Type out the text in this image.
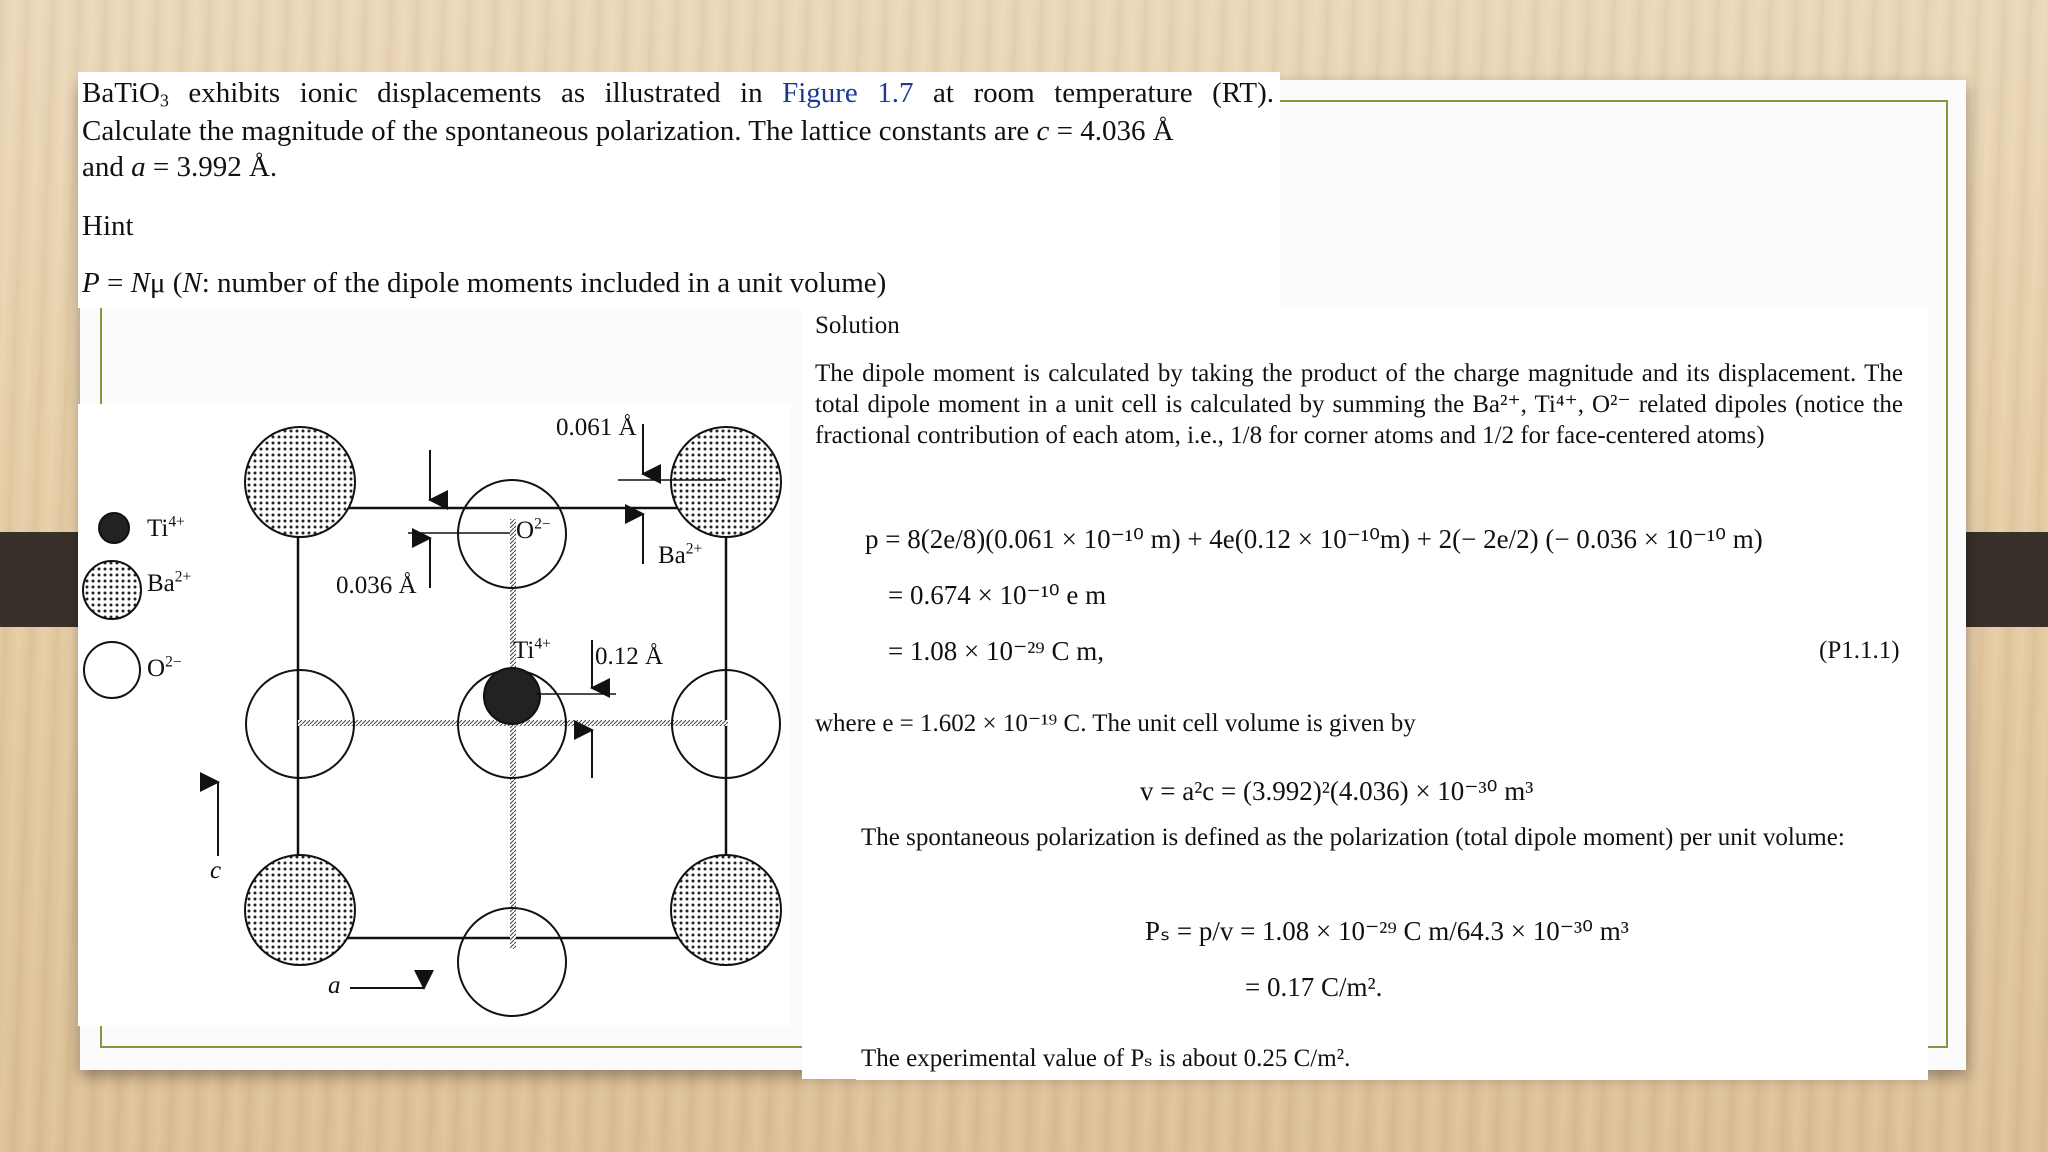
BaTiO$_3$ exhibits ionic displacements as illustrated in Figure 1.7 at room temperature (RT).
Calculate the magnitude of the spontaneous polarization. The lattice constants are c = 4.036 Å
and a = 3.992 Å.
Hint
P = Nμ (N: number of the dipole moments included in a unit volume)
$Ti^{4+}$
$Ba^{2+}$
$O^{2-}$
0.061 Å
0.036 Å
0.12 Å
$O^{2-}$
$Ba^{2+}$
$Ti^{4+}$
c
a
Solution
The dipole moment is calculated by taking the product of the charge magnitude and its displacement. The total dipole moment in a unit cell is calculated by summing the Ba²⁺, Ti⁴⁺, O²⁻ related dipoles (notice the fractional contribution of each atom, i.e., 1/8 for corner atoms and 1/2 for face-centered atoms)
p = 8(2e/8)(0.061 × 10⁻¹⁰ m) + 4e(0.12 × 10⁻¹⁰m) + 2(− 2e/2) (− 0.036 × 10⁻¹⁰ m)
= 0.674 × 10⁻¹⁰ e m
= 1.08 × 10⁻²⁹ C m,	(P1.1.1)
where e = 1.602 × 10⁻¹⁹ C. The unit cell volume is given by
v = a²c = (3.992)²(4.036) × 10⁻³⁰ m³
The spontaneous polarization is defined as the polarization (total dipole moment) per unit volume:
Pₛ = p/v = 1.08 × 10⁻²⁹ C m/64.3 × 10⁻³⁰ m³
= 0.17 C/m².
The experimental value of Pₛ is about 0.25 C/m².
